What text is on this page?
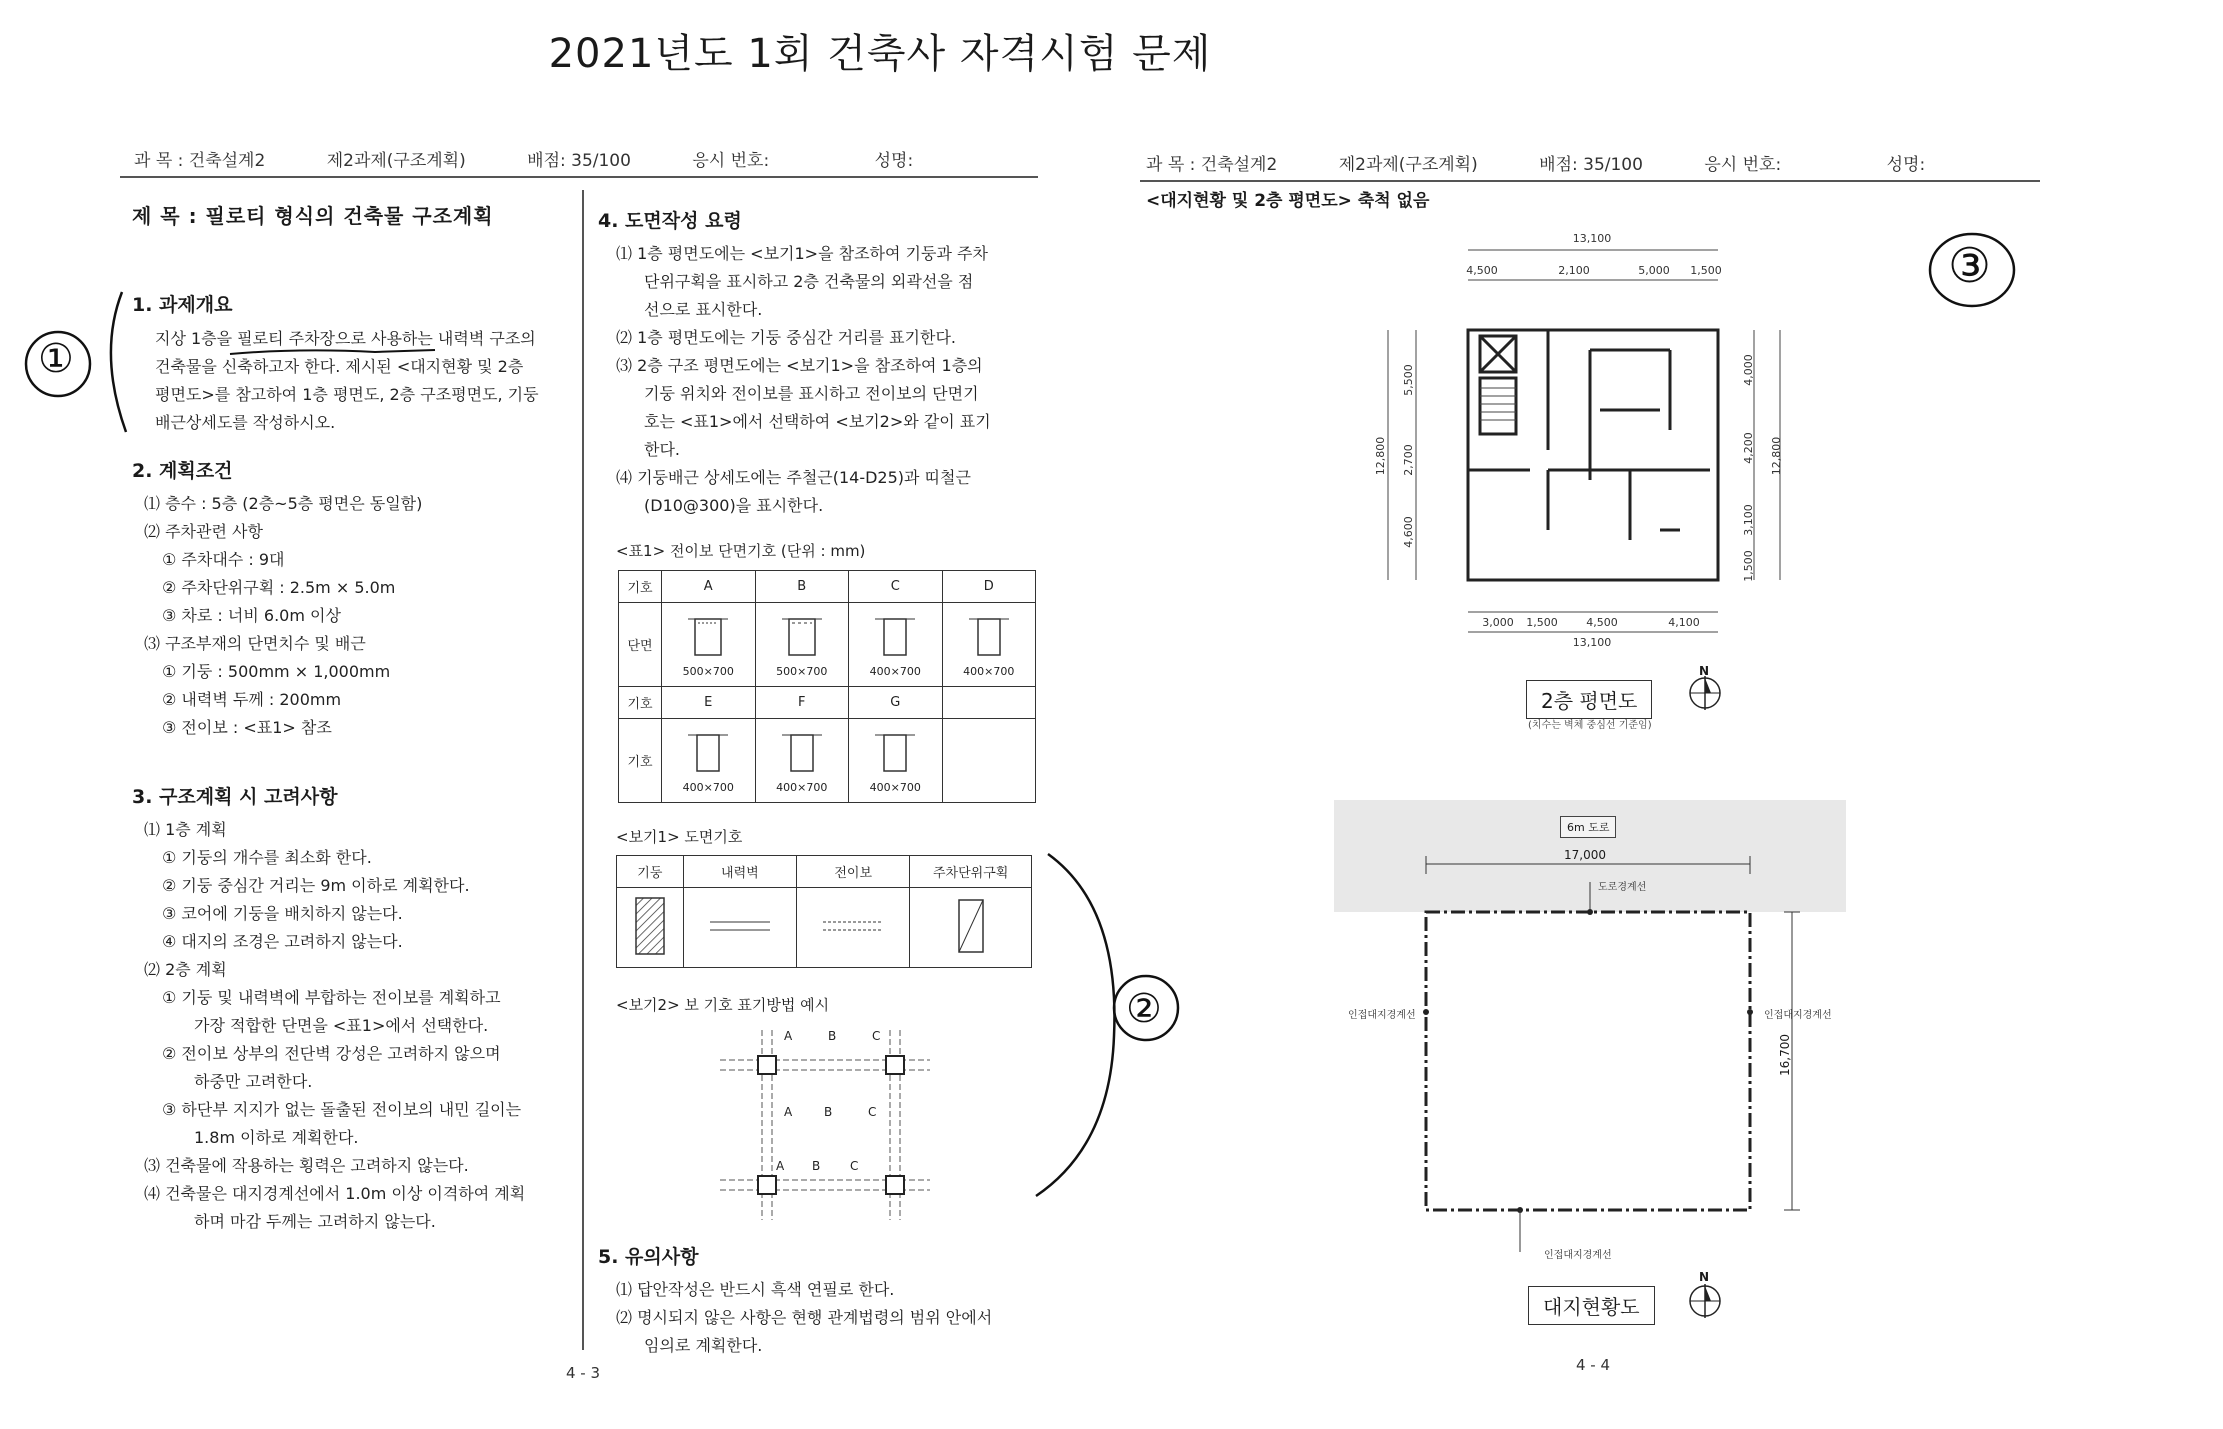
2021년도 1회 건축사 자격시험 문제
과 목 : 건축설계2	제2과제(구조계획)	배점: 35/100	응시 번호:	성명:	과 목 : 건축설계2	제2과제(구조계획)	배점: 35/100	응시 번호:	성명:
제 목 : 필로티 형식의 건축물 구조계획
1. 과제개요
지상 1층을 필로티 주차장으로 사용하는 내력벽 구조의
건축물을 신축하고자 한다. 제시된 <대지현황 및 2층
평면도>를 참고하여 1층 평면도, 2층 구조평면도, 기둥
배근상세도를 작성하시오.
2. 계획조건
⑴ 층수 : 5층 (2층~5층 평면은 동일함)
⑵ 주차관련 사항
① 주차대수 : 9대
② 주차단위구획 : 2.5m × 5.0m
③ 차로 : 너비 6.0m 이상
⑶ 구조부재의 단면치수 및 배근
① 기둥 : 500mm × 1,000mm
② 내력벽 두께 : 200mm
③ 전이보 : <표1> 참조
3. 구조계획 시 고려사항
⑴ 1층 계획
① 기둥의 개수를 최소화 한다.
② 기둥 중심간 거리는 9m 이하로 계획한다.
③ 코어에 기둥을 배치하지 않는다.
④ 대지의 조경은 고려하지 않는다.
⑵ 2층 계획
① 기둥 및 내력벽에 부합하는 전이보를 계획하고
가장 적합한 단면을 <표1>에서 선택한다.
② 전이보 상부의 전단벽 강성은 고려하지 않으며
하중만 고려한다.
③ 하단부 지지가 없는 돌출된 전이보의 내민 길이는
1.8m 이하로 계획한다.
⑶ 건축물에 작용하는 횡력은 고려하지 않는다.
⑷ 건축물은 대지경계선에서 1.0m 이상 이격하여 계획
하며 마감 두께는 고려하지 않는다.
4. 도면작성 요령
⑴ 1층 평면도에는 <보기1>을 참조하여 기둥과 주차
단위구획을 표시하고 2층 건축물의 외곽선을 점
선으로 표시한다.
⑵ 1층 평면도에는 기둥 중심간 거리를 표기한다.
⑶ 2층 구조 평면도에는 <보기1>을 참조하여 1층의
기둥 위치와 전이보를 표시하고 전이보의 단면기
호는 <표1>에서 선택하여 <보기2>와 같이 표기
한다.
⑷ 기둥배근 상세도에는 주철근(14-D25)과 띠철근
(D10@300)을 표시한다.
<표1> 전이보 단면기호 (단위 : mm)
기호	A	B	C	D
단면	500×700	500×700	400×700	400×700

기호	E	F	G	
기호	400×700	400×700	400×700	

<보기1> 도면기호
기둥	내력벽	전이보	주차단위구획

<보기2> 보 기호 표기방법 예시
A	B	C
A	B	C
A B C
5. 유의사항
⑴ 답안작성은 반드시 흑색 연필로 한다.
⑵ 명시되지 않은 사항은 현행 관계법령의 범위 안에서
임의로 계획한다.
4 - 3	4 - 4
<대지현황 및 2층 평면도> 축척 없음
13,100
4,500	2,100	5,000 1,500
3,000 1,500	4,500	4,100
13,100
12,800
5,500
2,700
4,600
4,000
4,200
3,100
1,500
12,800
2층 평면도
(치수는 벽체 중심선 기준임)
N
6m 도로
17,000
도로경계선
인접대지경계선	인접대지경계선
인접대지경계선
16,700
대지현황도
N
①
②
③
